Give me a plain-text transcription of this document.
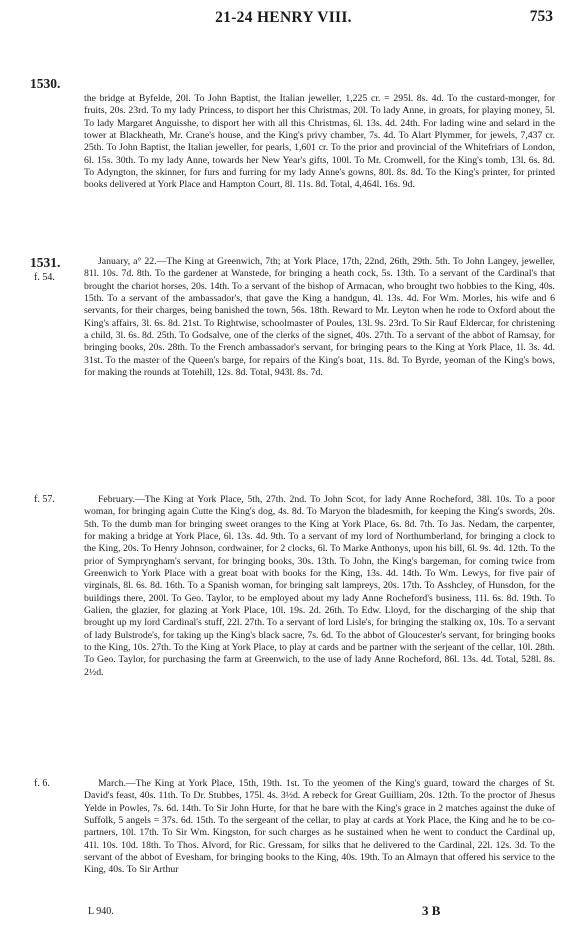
21-24 HENRY VIII.	753
1530.
1531.
f. 54.
f. 57.
f. 6.

the bridge at Byfelde, 20l. To John Baptist, the Italian jeweller, 1,225 cr. = 295l. 8s. 4d. To the custard-monger, for fruits, 20s. 23rd. To my lady Princess, to disport her this Christmas, 20l. To lady Anne, in groats, for playing money, 5l. To lady Margaret Anguisshe, to disport her with all this Christmas, 6l. 13s. 4d. 24th. For lading wine and selard in the tower at Blackheath, Mr. Crane's house, and the King's privy chamber, 7s. 4d. To Alart Plymmer, for jewels, 7,437 cr. 25th. To John Baptist, the Italian jeweller, for pearls, 1,601 cr. To the prior and provincial of the Whitefriars of London, 6l. 15s. 30th. To my lady Anne, towards her New Year's gifts, 100l. To Mr. Cromwell, for the King's tomb, 13l. 6s. 8d. To Adyngton, the skinner, for furs and furring for my lady Anne's gowns, 80l. 8s. 8d. To the King's printer, for printed books delivered at York Place and Hampton Court, 8l. 11s. 8d. Total, 4,464l. 16s. 9d.

January, a° 22.—The King at Greenwich, 7th; at York Place, 17th, 22nd, 26th, 29th. 5th. To John Langey, jeweller, 81l. 10s. 7d. 8th. To the gardener at Wanstede, for bringing a heath cock, 5s. 13th. To a servant of the Cardinal's that brought the chariot horses, 20s. 14th. To a servant of the bishop of Armacan, who brought two hobbies to the King, 40s. 15th. To a servant of the ambassador's, that gave the King a handgun, 4l. 13s. 4d. For Wm. Morles, his wife and 6 servants, for their charges, being banished the town, 56s. 18th. Reward to Mr. Leyton when he rode to Oxford about the King's affairs, 3l. 6s. 8d. 21st. To Rightwise, schoolmaster of Poules, 13l. 9s. 23rd. To Sir Rauf Eldercar, for christening a child, 3l. 6s. 8d. 25th. To Godsalve, one of the clerks of the signet, 40s. 27th. To a servant of the abbot of Ramsay, for bringing books, 20s. 28th. To the French ambassador's servant, for bringing pears to the King at York Place, 1l. 3s. 4d. 31st. To the master of the Queen's barge, for repairs of the King's boat, 11s. 8d. To Byrde, yeoman of the King's bows, for making the rounds at Totehill, 12s. 8d. Total, 943l. 8s. 7d.

February.—The King at York Place, 5th, 27th. 2nd. To John Scot, for lady Anne Rocheford, 38l. 10s. To a poor woman, for bringing again Cutte the King's dog, 4s. 8d. To Maryon the bladesmith, for keeping the King's swords, 20s. 5th. To the dumb man for bringing sweet oranges to the King at York Place, 6s. 8d. 7th. To Jas. Nedam, the carpenter, for making a bridge at York Place, 6l. 13s. 4d. 9th. To a servant of my lord of Northumberland, for bringing a clock to the King, 20s. To Henry Johnson, cordwainer, for 2 clocks, 6l. To Marke Anthonys, upon his bill, 6l. 9s. 4d. 12th. To the prior of Sympryngham's servant, for bringing books, 30s. 13th. To John, the King's bargeman, for coming twice from Greenwich to York Place with a great boat with books for the King, 13s. 4d. 14th. To Wm. Lewys, for five pair of virginals, 8l. 6s. 8d. 16th. To a Spanish woman, for bringing salt lampreys, 20s. 17th. To Asshcley, of Hunsdon, for the buildings there, 200l. To Geo. Taylor, to be employed about my lady Anne Rocheford's business, 11l. 6s. 8d. 19th. To Galien, the glazier, for glazing at York Place, 10l. 19s. 2d. 26th. To Edw. Lloyd, for the discharging of the ship that brought up my lord Cardinal's stuff, 22l. 27th. To a servant of lord Lisle's, for bringing the stalking ox, 10s. To a servant of lady Bulstrode's, for taking up the King's black sacre, 7s. 6d. To the abbot of Gloucester's servant, for bringing books to the King, 10s. 27th. To the King at York Place, to play at cards and be partner with the serjeant of the cellar, 10l. 28th. To Geo. Taylor, for purchasing the farm at Greenwich, to the use of lady Anne Rocheford, 86l. 13s. 4d. Total, 528l. 8s. 2½d.

March.—The King at York Place, 15th, 19th. 1st. To the yeomen of the King's guard, toward the charges of St. David's feast, 40s. 11th. To Dr. Stubbes, 175l. 4s. 3½d. A rebeck for Great Guilliam, 20s. 12th. To the proctor of Jhesus Yelde in Powles, 7s. 6d. 14th. To Sir John Hurte, for that he bare with the King's grace in 2 matches against the duke of Suffolk, 5 angels = 37s. 6d. 15th. To the sergeant of the cellar, to play at cards at York Place, the King and he to be co-partners, 10l. 17th. To Sir Wm. Kingston, for such charges as he sustained when he went to conduct the Cardinal up, 41l. 10s. 10d. 18th. To Thos. Alvord, for Ric. Gressam, for silks that he delivered to the Cardinal, 22l. 12s. 3d. To the servant of the abbot of Evesham, for bringing books to the King, 40s. 19th. To an Almayn that offered his service to the King, 40s. To Sir Arthur

L 940.	3 B
